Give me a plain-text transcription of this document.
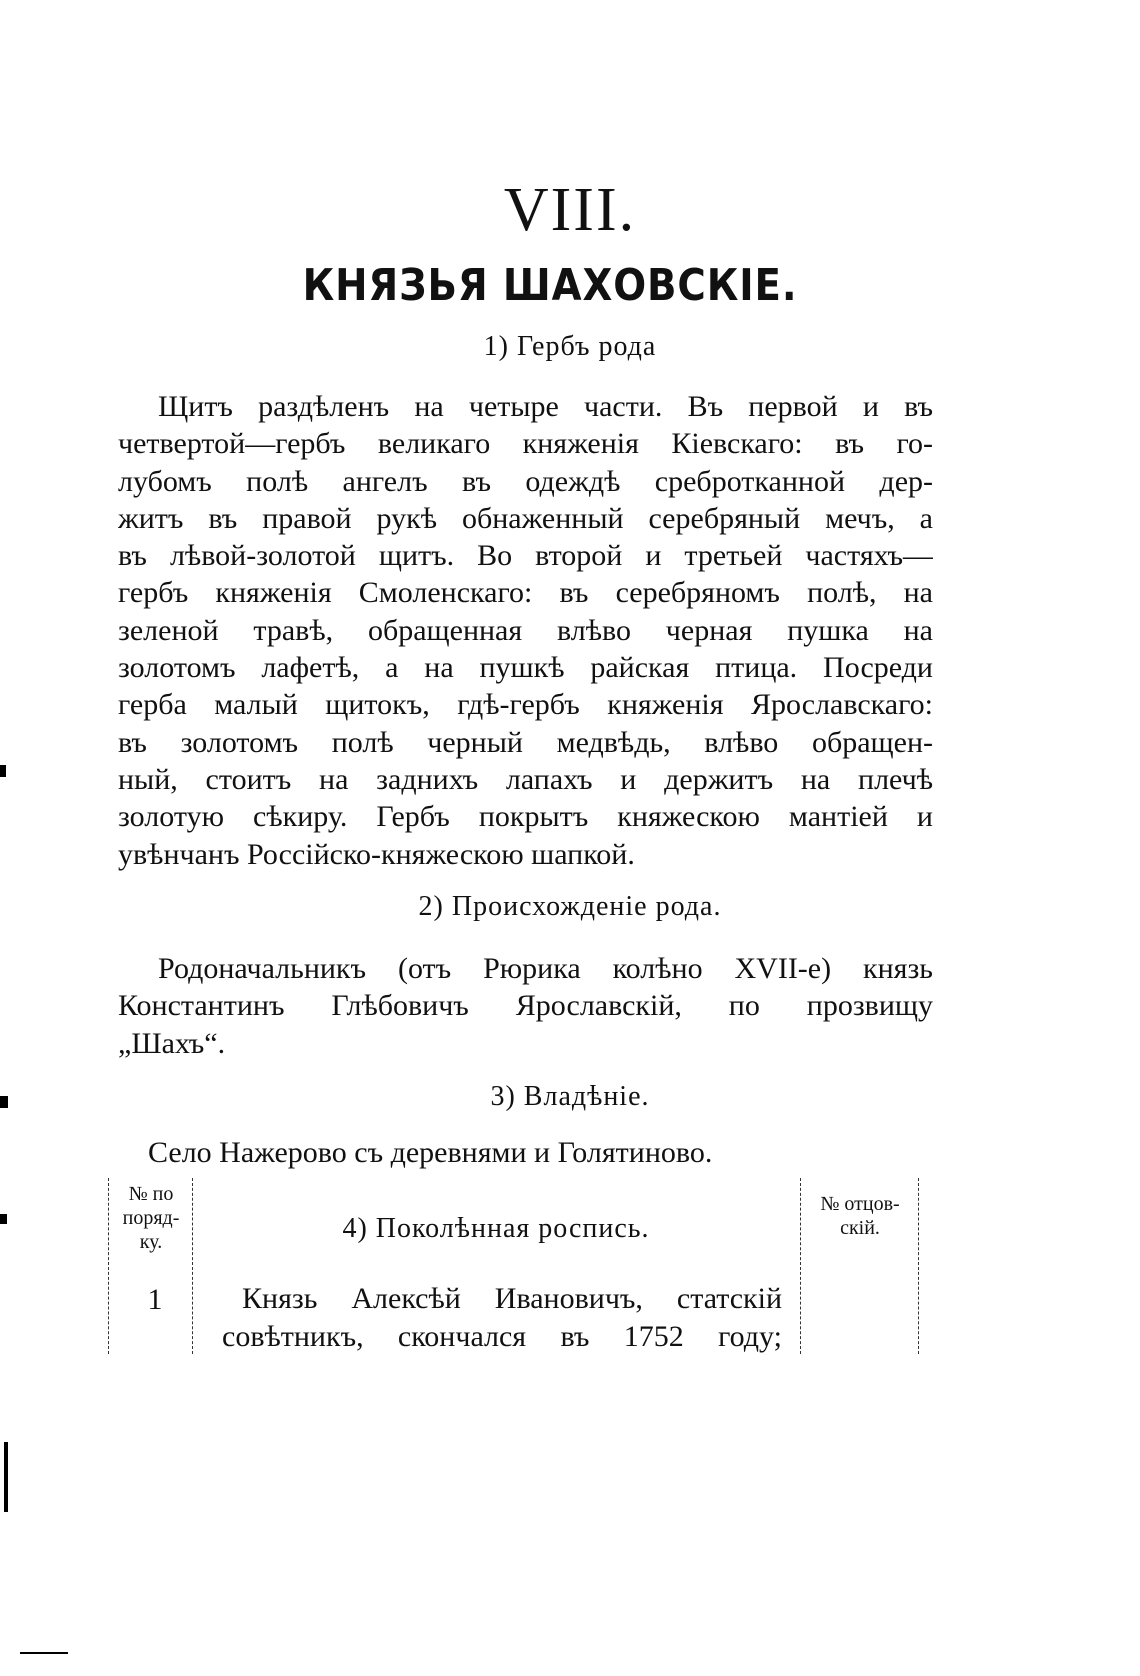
VIII.
КНЯЗЬЯ ШАХОВСКІЕ.
1) Гербъ рода
Щитъ раздѣленъ на четыре части. Въ первой и въ
четвертой—гербъ великаго княженія Кіевскаго: въ го-
лубомъ полѣ ангелъ въ одеждѣ сребротканной дер-
житъ въ правой рукѣ обнаженный серебряный мечъ, а
въ лѣвой-золотой щитъ. Во второй и третьей частяхъ—
гербъ княженія Смоленскаго: въ серебряномъ полѣ, на
зеленой травѣ, обращенная влѣво черная пушка на
золотомъ лафетѣ, а на пушкѣ райская птица. Посреди
герба малый щитокъ, гдѣ-гербъ княженія Ярославскаго:
въ золотомъ полѣ черный медвѣдь, влѣво обращен-
ный, стоитъ на заднихъ лапахъ и держитъ на плечѣ
золотую сѣкиру. Гербъ покрытъ княжескою мантіей и
увѣнчанъ Россійско-княжескою шапкой.
2) Происхожденіе рода.
Родоначальникъ (отъ Рюрика колѣно XVII-е) князь
Константинъ Глѣбовичъ Ярославскій, по прозвищу
„Шахъ“.
3) Владѣніе.
Село Нажерово съ деревнями и Голятиново.
№ по
поряд-
ку.	4) Поколѣнная роспись.
№ отцов-
скій.
1	Князь Алексѣй Ивановичъ, статскій
совѣтникъ, скончался въ 1752 году;
